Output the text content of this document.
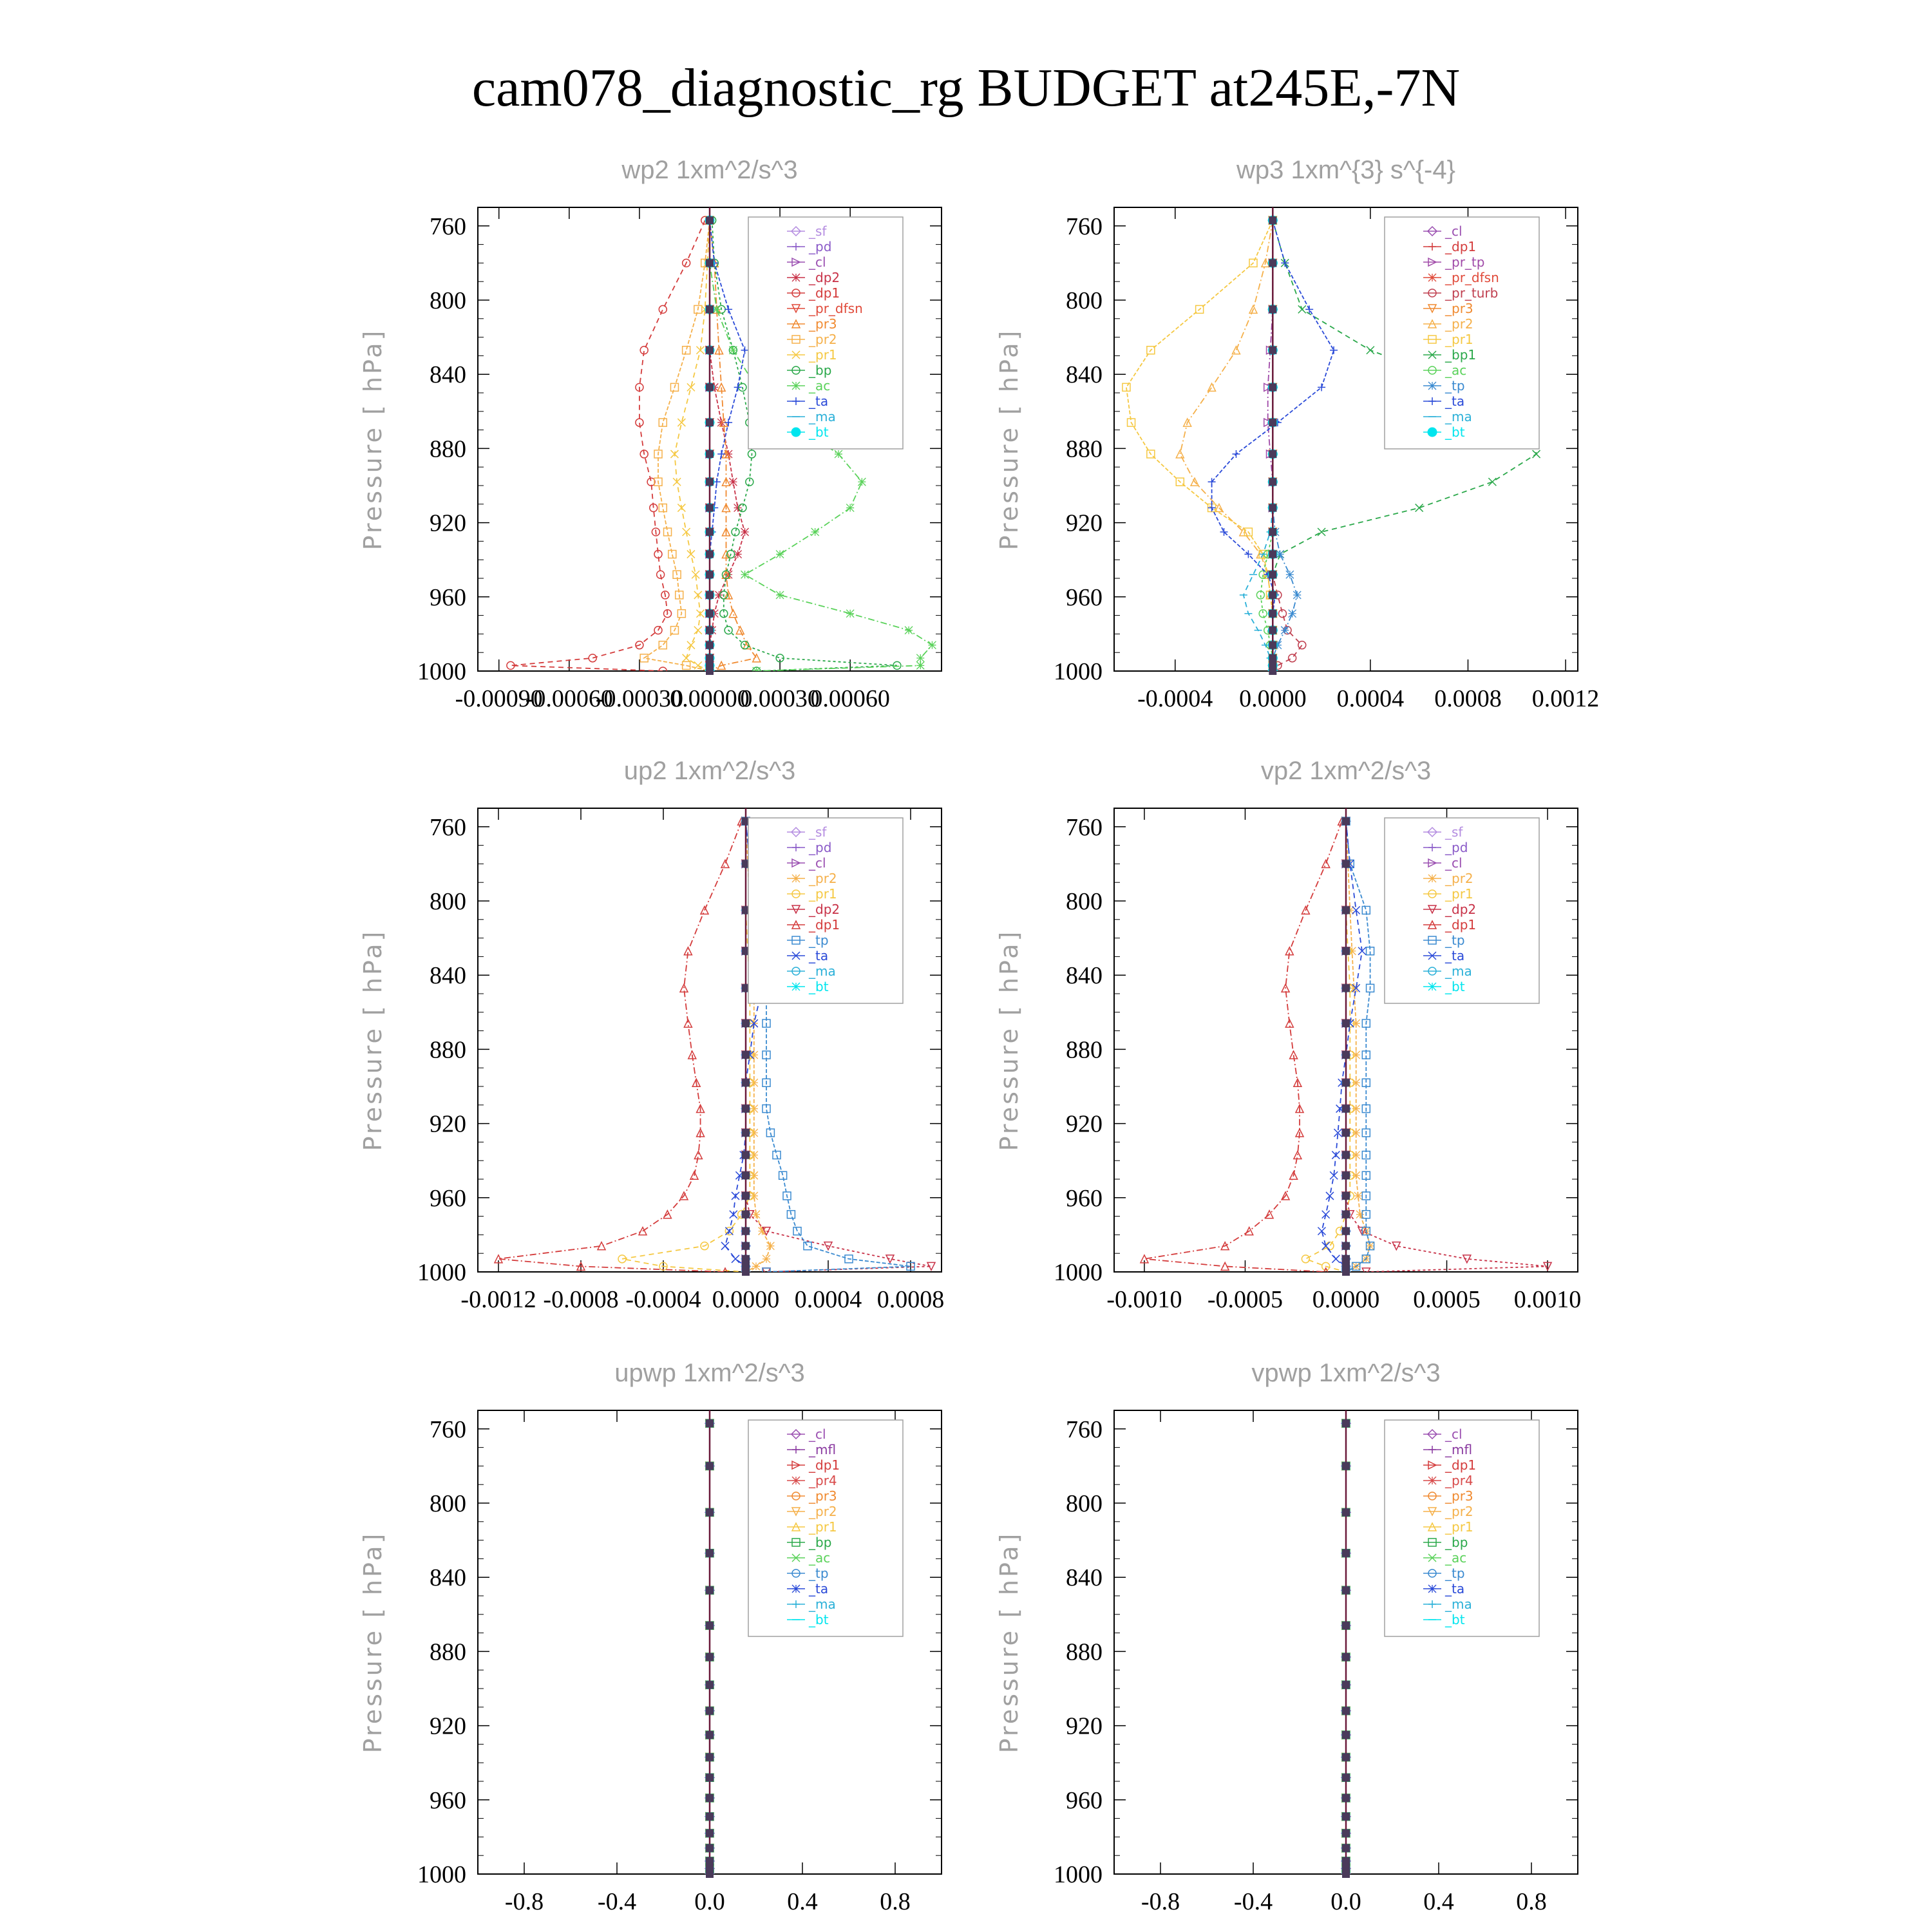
cam078_diagnostic_rg BUDGET at245E,-7N
wp2 1xm^2/s^3
Pressure [ hPa]
760
800
840
880
920
960
1000
-0.00090
-0.00060
-0.00030
0.00000
0.00030
0.00060
_sf
_pd
_cl
_dp2
_dp1
_pr_dfsn
_pr3
_pr2
_pr1
_bp
_ac
_ta
_ma
_bt
wp3 1xm^{3} s^{-4}
Pressure [ hPa]
760
800
840
880
920
960
1000
-0.0004 0.0000 0.0004 0.0008 0.0012
_cl
_dp1
_pr_tp
_pr_dfsn
_pr_turb
_pr3
_pr2
_pr1
_bp1
_ac
_tp
_ta
_ma
_bt
up2 1xm^2/s^3
Pressure [ hPa]
760
800
840
880
920
960
1000
-0.0012 -0.0008 -0.0004 0.0000 0.0004 0.0008
_sf
_pd
_cl
_pr2
_pr1
_dp2
_dp1
_tp
_ta
_ma
_bt
vp2 1xm^2/s^3
Pressure [ hPa]
760
800
840
880
920
960
1000
-0.0010 -0.0005 0.0000 0.0005 0.0010
_sf
_pd
_cl
_pr2
_pr1
_dp2
_dp1
_tp
_ta
_ma
_bt
upwp 1xm^2/s^3
Pressure [ hPa]
760
800
840
880
920
960
1000
-0.8 -0.4 0.0	0.4	0.8
_cl
_mfl
_dp1
_pr4
_pr3
_pr2
_pr1
_bp
_ac
_tp
_ta
_ma
_bt
vpwp 1xm^2/s^3
Pressure [ hPa]
760
800
840
880
920
960
1000
-0.8 -0.4 0.0	0.4	0.8
_cl
_mfl
_dp1
_pr4
_pr3
_pr2
_pr1
_bp
_ac
_tp
_ta
_ma
_bt
